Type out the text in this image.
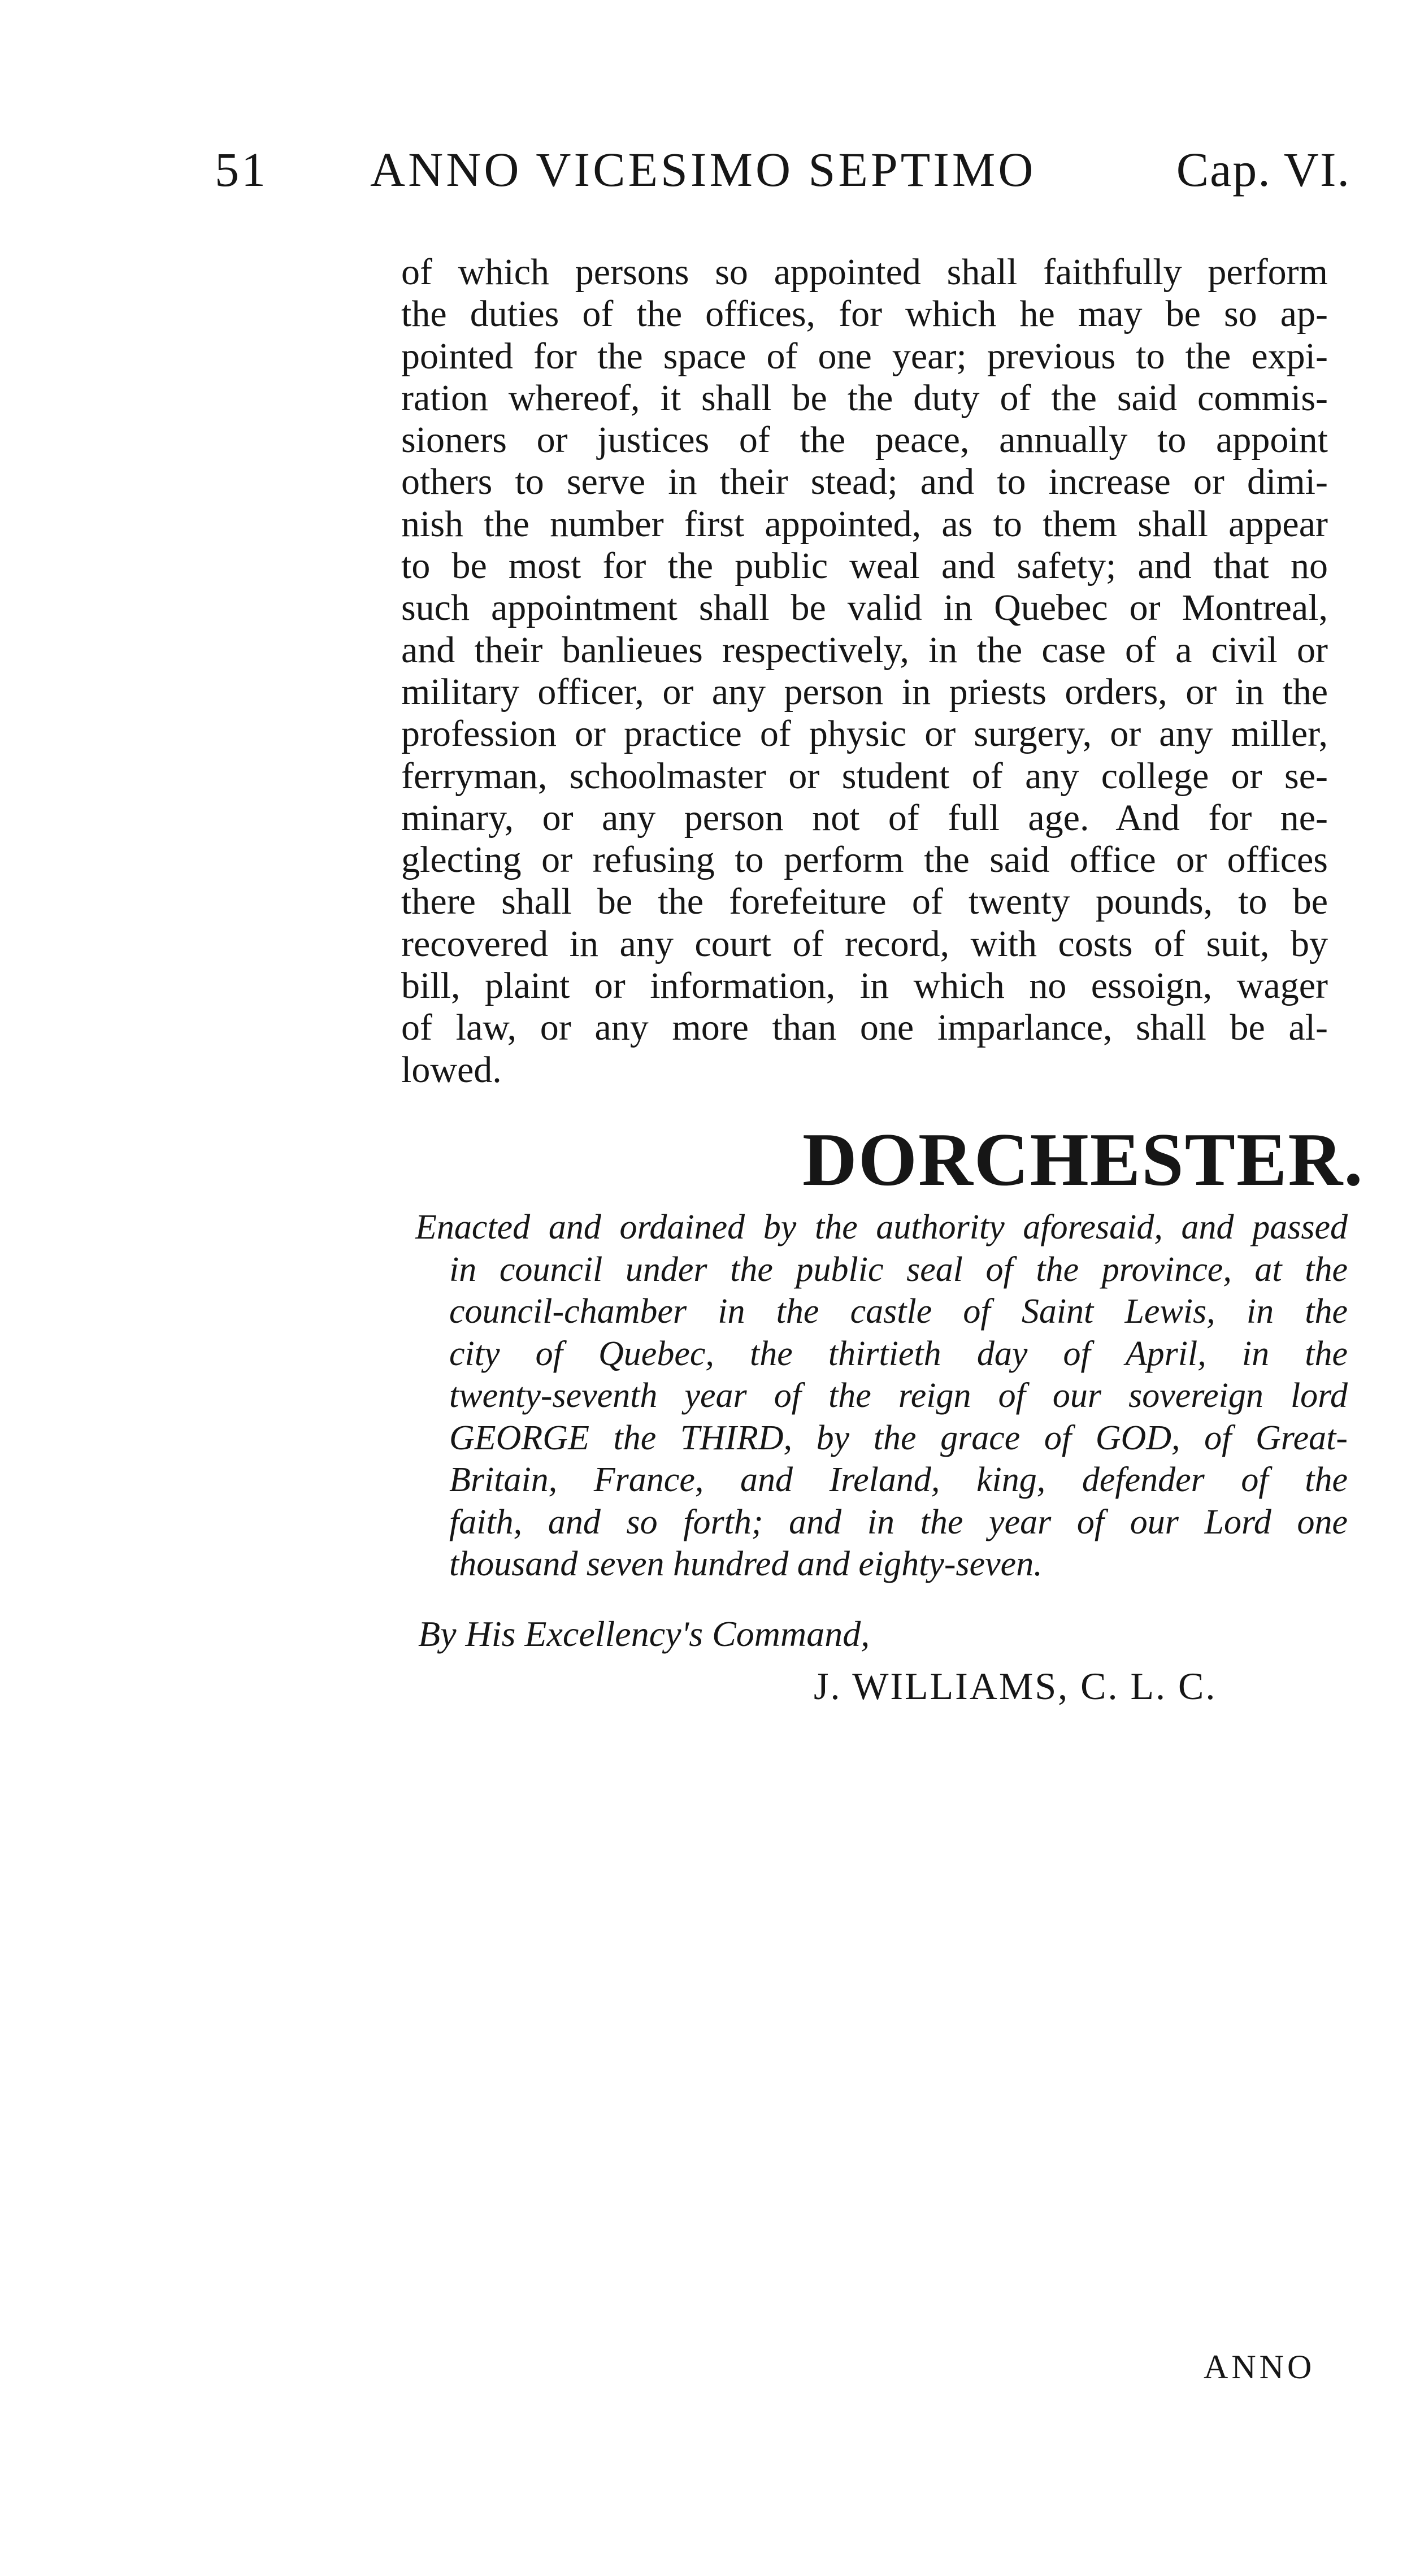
51 ANNO VICESIMO SEPTIMO	Cap. VI.
of which persons so appointed shall faithfully perform
the duties of the offices, for which he may be so ap-
pointed for the space of one year; previous to the expi-
ration whereof, it shall be the duty of the said commis-
sioners or justices of the peace, annually to appoint
others to serve in their stead; and to increase or dimi-
nish the number first appointed, as to them shall appear
to be most for the public weal and safety; and that no
such appointment shall be valid in Quebec or Montreal,
and their banlieues respectively, in the case of a civil or
military officer, or any person in priests orders, or in the
profession or practice of physic or surgery, or any miller,
ferryman, schoolmaster or student of any college or se-
minary, or any person not of full age. And for ne-
glecting or refusing to perform the said office or offices
there shall be the forefeiture of twenty pounds, to be
recovered in any court of record, with costs of suit, by
bill, plaint or information, in which no essoign, wager
of law, or any more than one imparlance, shall be al-
lowed.
DORCHESTER.
Enacted and ordained by the authority aforesaid, and passed
in council under the public seal of the province, at the
council-chamber in the castle of Saint Lewis, in the
city of Quebec, the thirtieth day of April, in the
twenty-seventh year of the reign of our sovereign lord
GEORGE the THIRD, by the grace of GOD, of Great-
Britain, France, and Ireland, king, defender of the
faith, and so forth; and in the year of our Lord one
thousand seven hundred and eighty-seven.
By His Excellency's Command,
J. WILLIAMS, C. L. C.
ANNO
